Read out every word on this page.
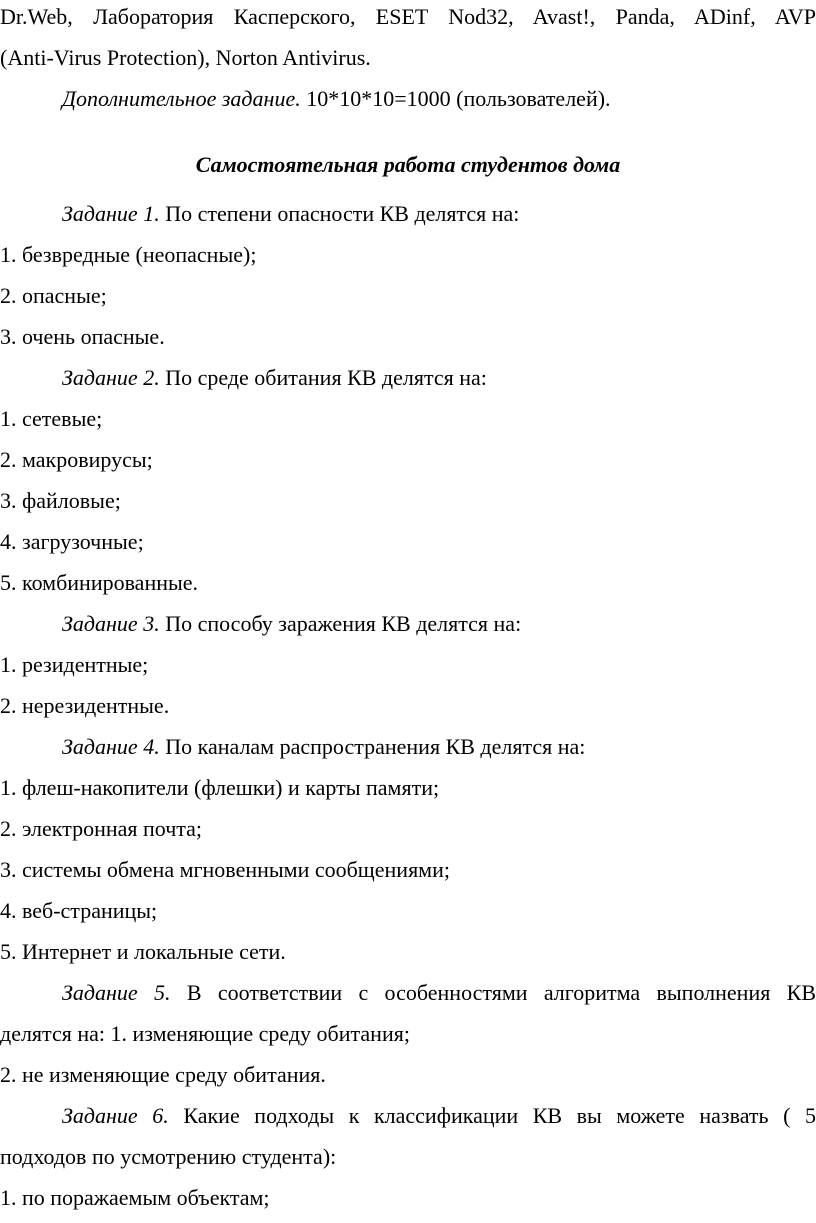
Dr.Web, Лаборатория Касперского, ESET Nod32, Avast!, Panda, ADinf, AVP

(Anti-Virus Protection), Norton Antivirus.

Дополнительное задание. 10*10*10=1000 (пользователей).

Самостоятельная работа студентов дома

Задание 1. По степени опасности КВ делятся на:

1. безвредные (неопасные);

2. опасные;

3. очень опасные.

Задание 2. По среде обитания КВ делятся на:

1. сетевые;

2. макровирусы;

3. файловые;

4. загрузочные;

5. комбинированные.

Задание 3. По способу заражения КВ делятся на:

1. резидентные;

2. нерезидентные.

Задание 4. По каналам распространения КВ делятся на:

1. флеш-накопители (флешки) и карты памяти;

2. электронная почта;

3. системы обмена мгновенными сообщениями;

4. веб-страницы;

5. Интернет и локальные сети.

Задание 5. В соответствии с особенностями алгоритма выполнения КВ

делятся на: 1. изменяющие среду обитания;

2. не изменяющие среду обитания.

Задание 6. Какие подходы к классификации КВ вы можете назвать ( 5

подходов по усмотрению студента):

1. по поражаемым объектам;
